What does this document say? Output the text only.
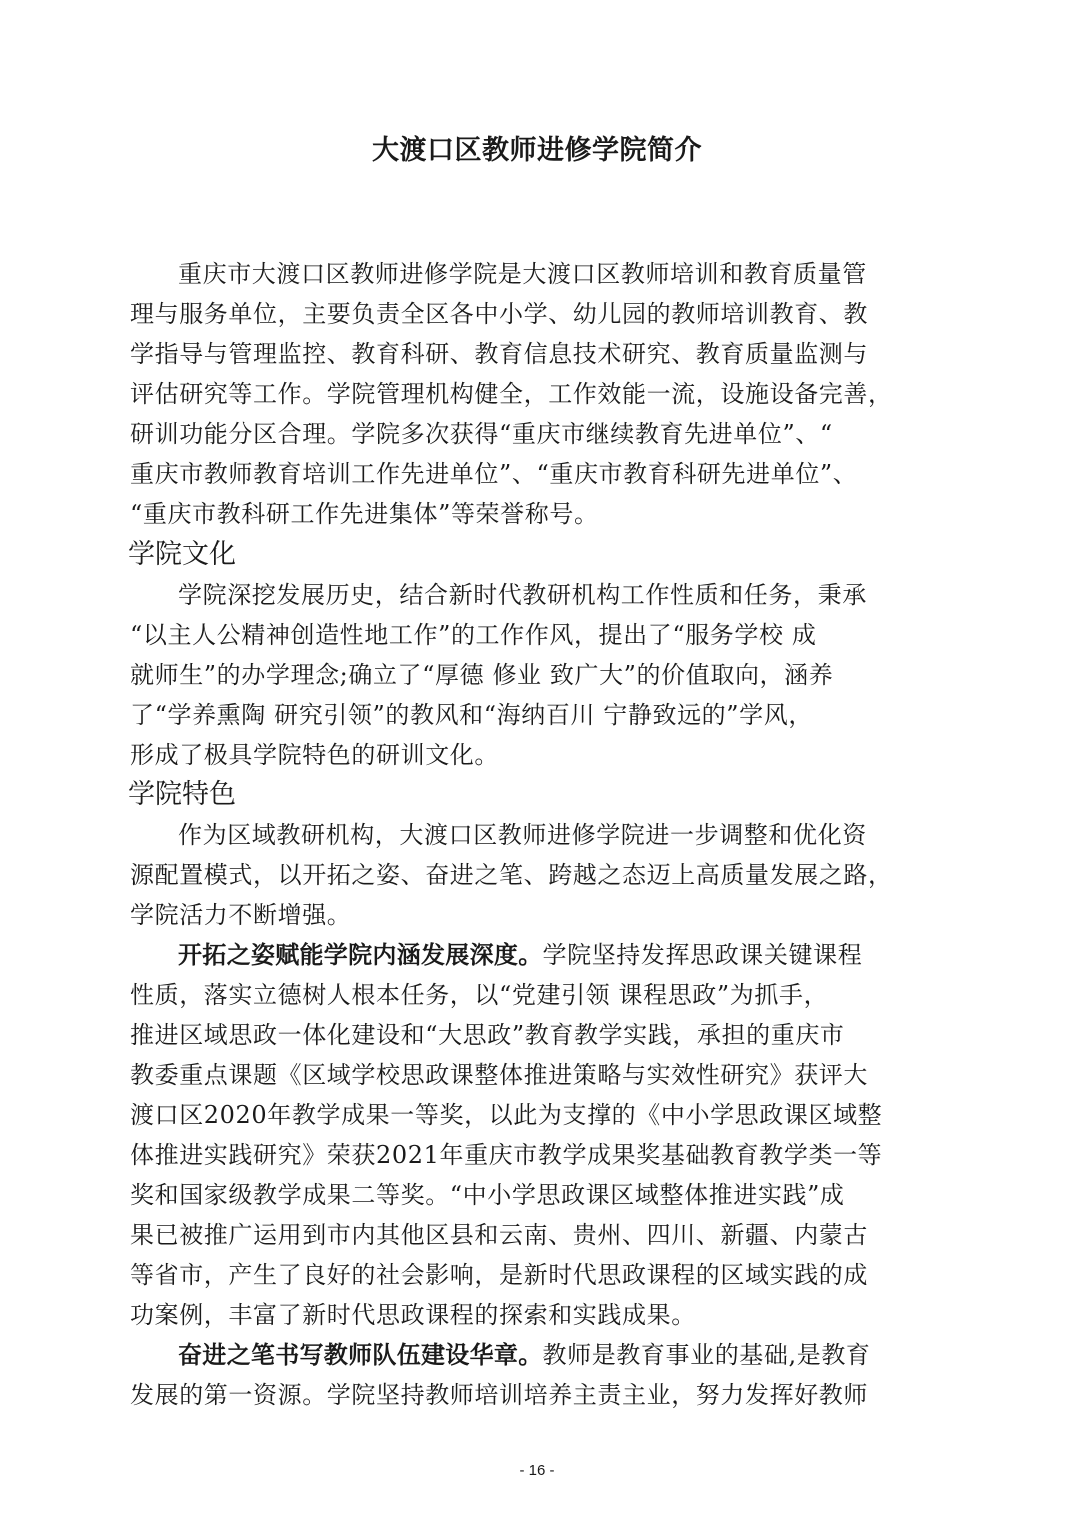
大渡口区教师进修学院简介
重庆市大渡口区教师进修学院是大渡口区教师培训和教育质量管
理与服务单位，主要负责全区各中小学、幼儿园的教师培训教育、教
学指导与管理监控、教育科研、教育信息技术研究、教育质量监测与
评估研究等工作。学院管理机构健全，工作效能一流，设施设备完善，
研训功能分区合理。学院多次获得“重庆市继续教育先进单位”、“
重庆市教师教育培训工作先进单位”、“重庆市教育科研先进单位”、
“重庆市教科研工作先进集体”等荣誉称号。
学院文化
学院深挖发展历史，结合新时代教研机构工作性质和任务，秉承
“以主人公精神创造性地工作”的工作作风，提出了“服务学校 成
就师生”的办学理念;确立了“厚德 修业 致广大”的价值取向，涵养
了“学养熏陶 研究引领”的教风和“海纳百川 宁静致远的”学风，
形成了极具学院特色的研训文化。
学院特色
作为区域教研机构，大渡口区教师进修学院进一步调整和优化资
源配置模式，以开拓之姿、奋进之笔、跨越之态迈上高质量发展之路，
学院活力不断增强。
开拓之姿赋能学院内涵发展深度。学院坚持发挥思政课关键课程
性质，落实立德树人根本任务，以“党建引领 课程思政”为抓手，
推进区域思政一体化建设和“大思政”教育教学实践，承担的重庆市
教委重点课题《区域学校思政课整体推进策略与实效性研究》获评大
渡口区2020年教学成果一等奖，以此为支撑的《中小学思政课区域整
体推进实践研究》荣获2021年重庆市教学成果奖基础教育教学类一等
奖和国家级教学成果二等奖。“中小学思政课区域整体推进实践”成
果已被推广运用到市内其他区县和云南、贵州、四川、新疆、内蒙古
等省市，产生了良好的社会影响，是新时代思政课程的区域实践的成
功案例，丰富了新时代思政课程的探索和实践成果。
奋进之笔书写教师队伍建设华章。教师是教育事业的基础,是教育
发展的第一资源。学院坚持教师培训培养主责主业，努力发挥好教师
- 16 -
